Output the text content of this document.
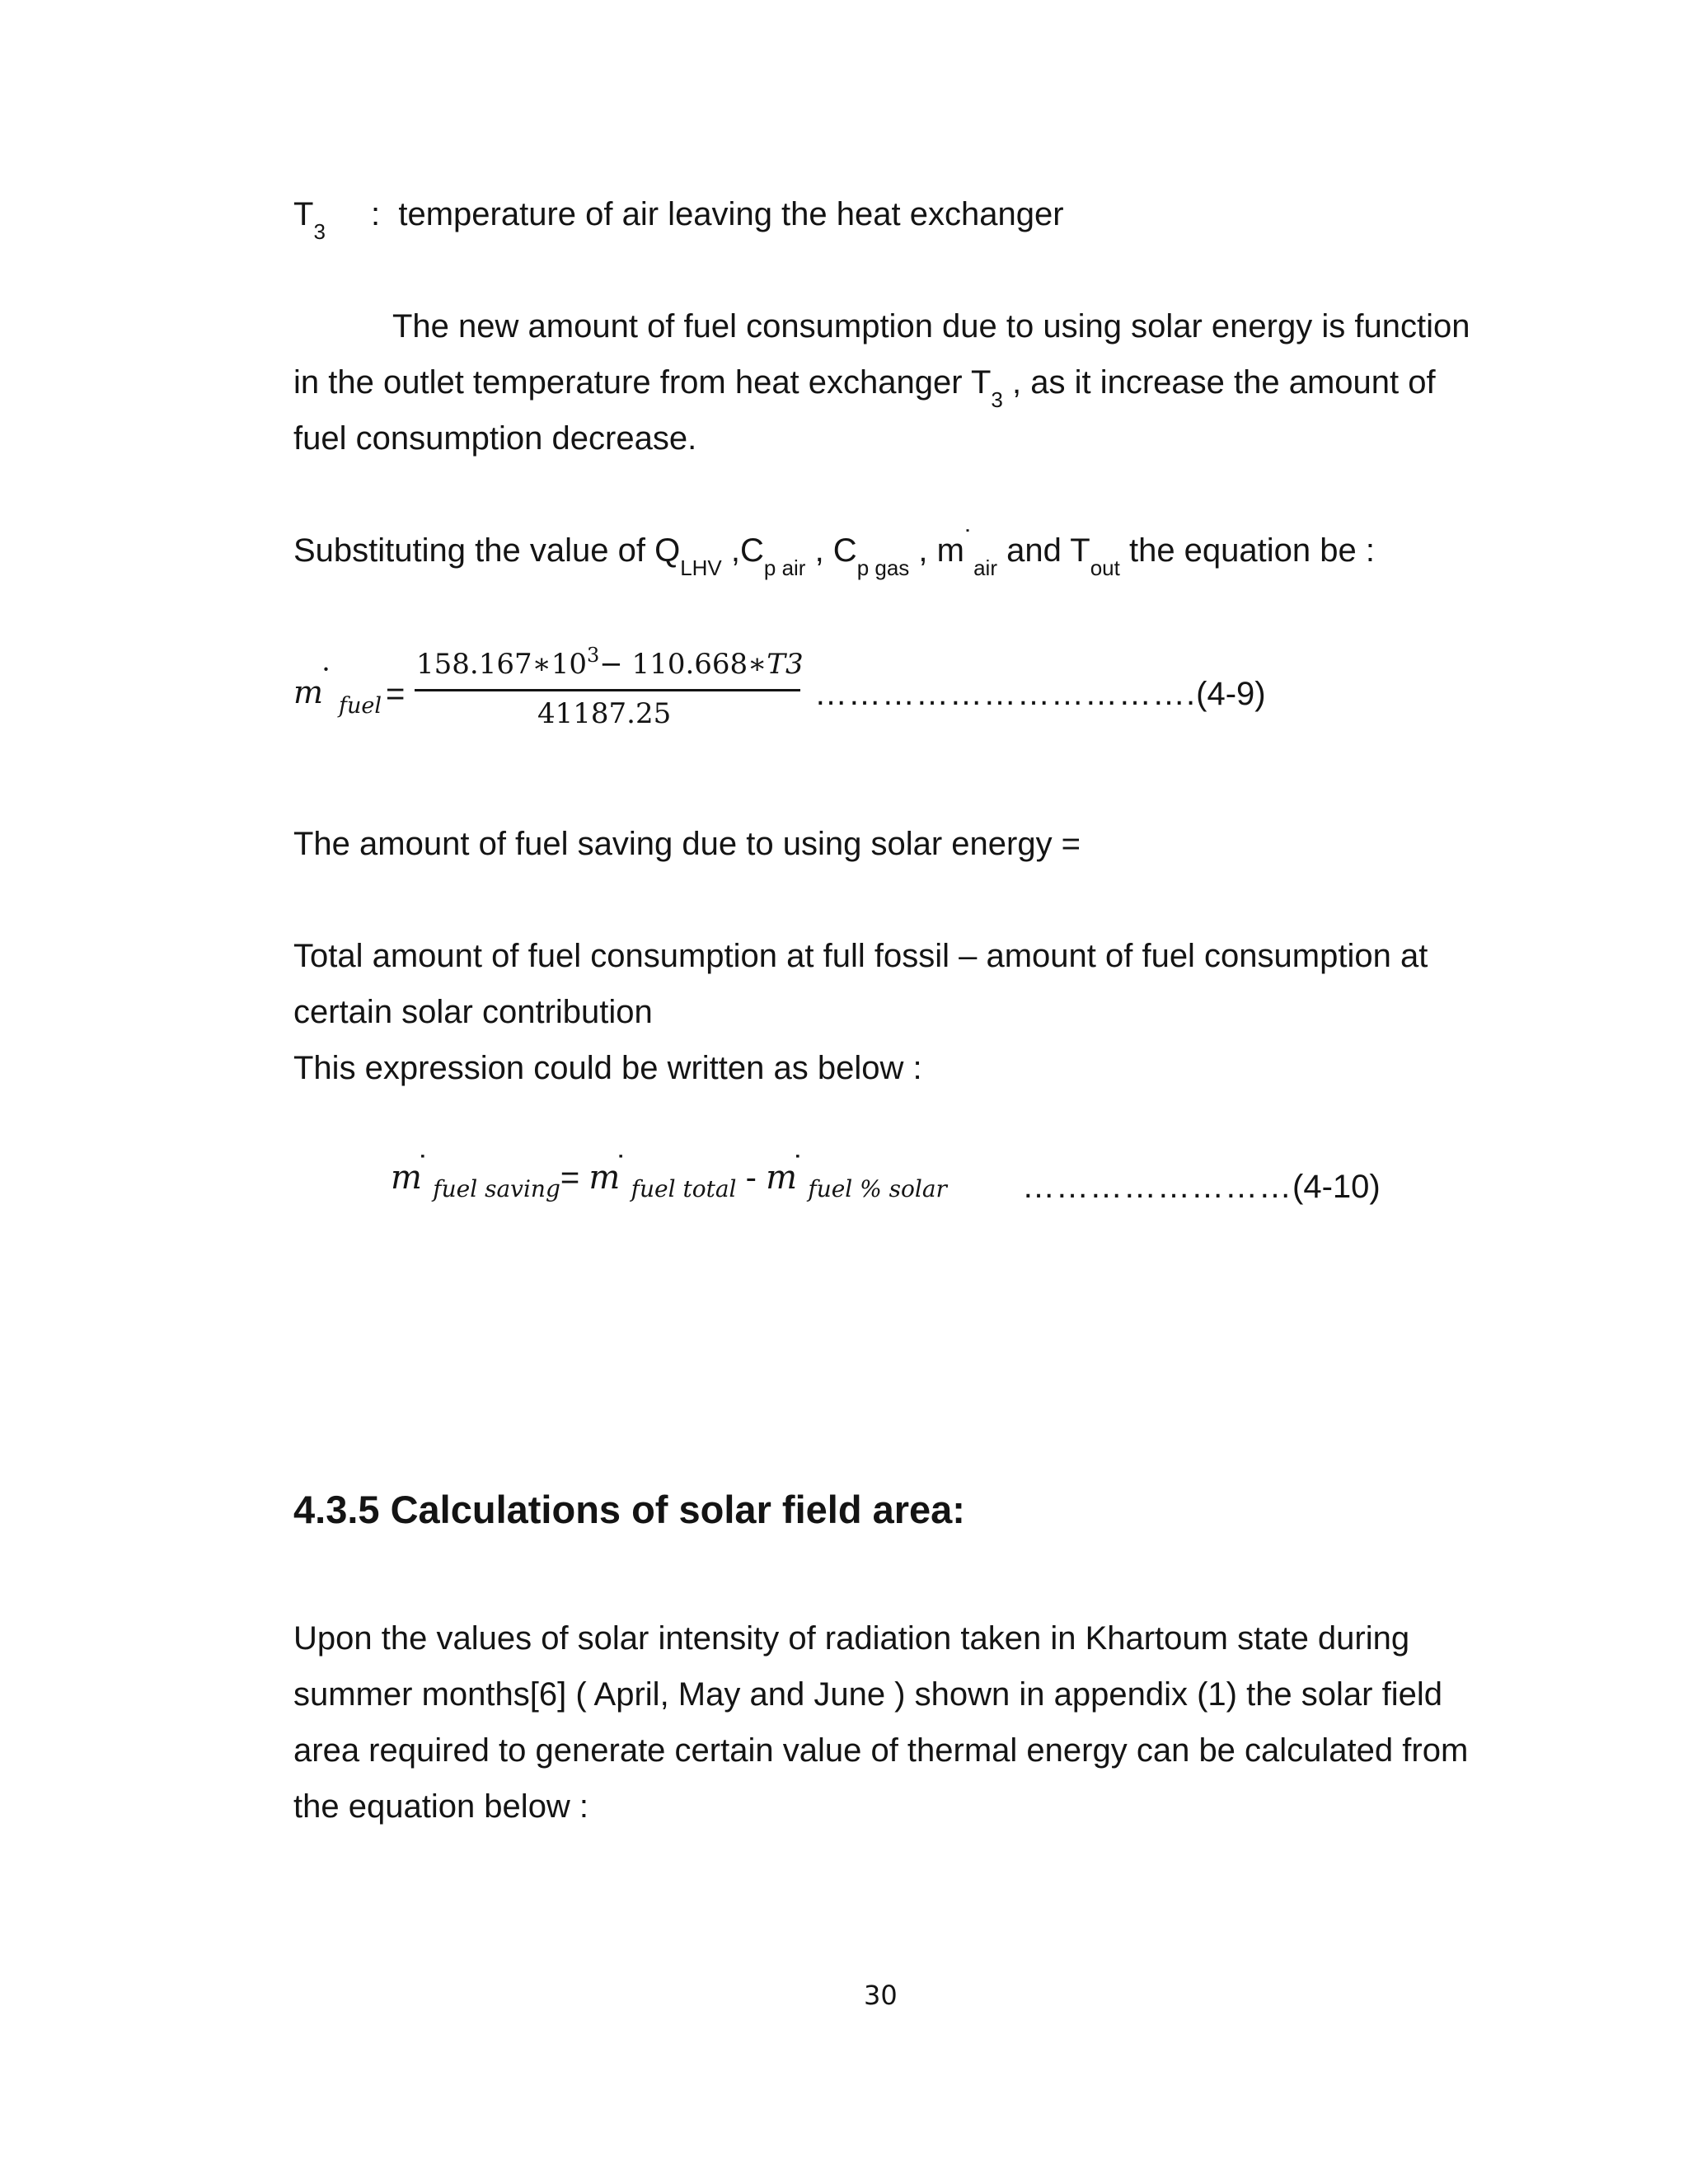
$T_3$ : temperature of air leaving the heat exchanger
The new amount of fuel consumption due to using solar energy is function
in the outlet temperature from heat exchanger $T_3$ , as it increase the amount of
fuel consumption decrease.
Substituting the value of $Q_{LHV}$ $,C_{p air}$ , $C_{p gas}$ , $m^˙_{air}$ and $T_{out}$ the equation be :
$m˙_{fuel}$ =
$158.167∗10^3-$ 110.668∗T3
41187.25
…………………………….(4-9)
The amount of fuel saving due to using solar energy =
Total amount of fuel consumption at full fossil – amount of fuel consumption at
certain solar contribution
This expression could be written as below :
$m˙_{fuel saving}=$ $m˙_{fuel total}$ - $m˙_{fuel \% solar}$ ……………………(4-10)
4.3.5 Calculations of solar field area:
Upon the values of solar intensity of radiation taken in Khartoum state during
summer months[6] ( April, May and June ) shown in appendix (1) the solar field
area required to generate certain value of thermal energy can be calculated from
the equation below :
30
